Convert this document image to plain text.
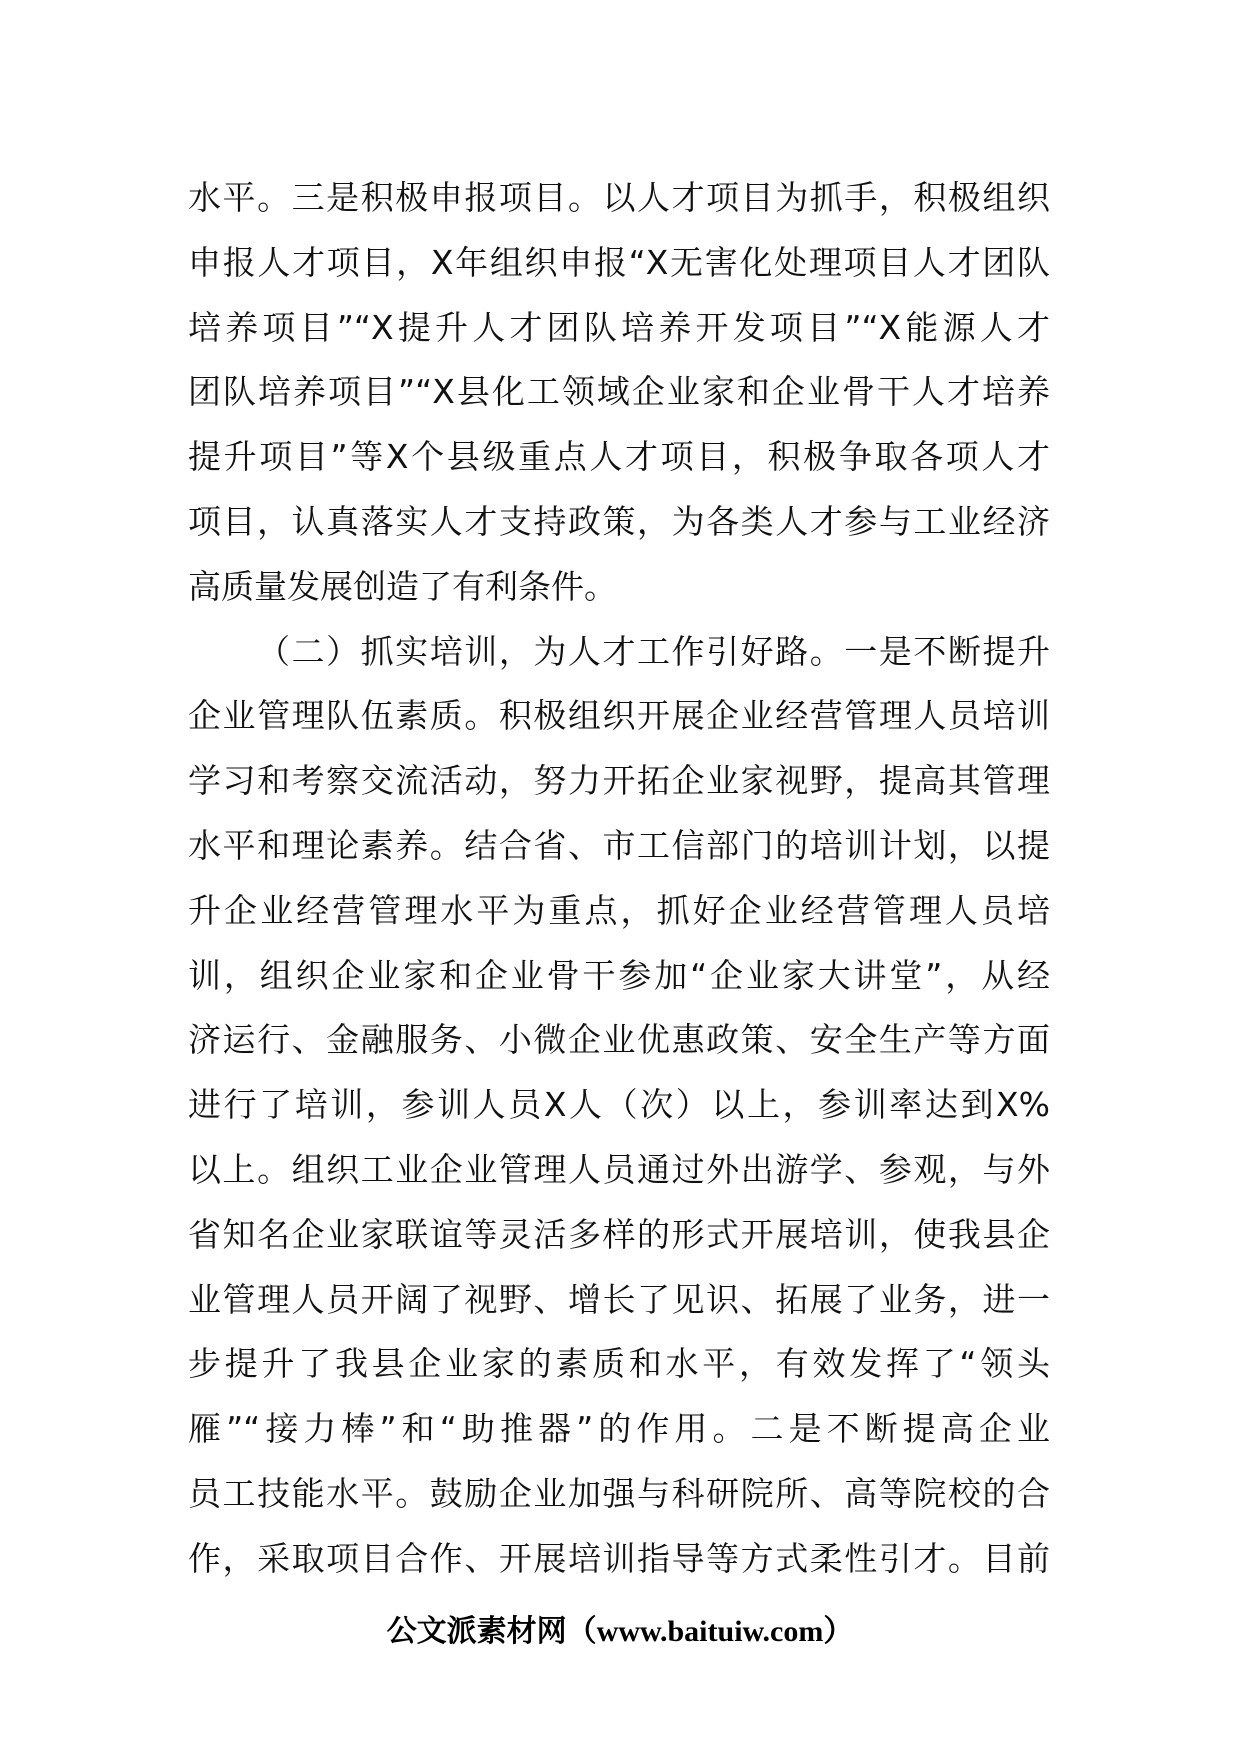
水平。三是积极申报项目。以人才项目为抓手，积极组织
申报人才项目，X年组织申报“X无害化处理项目人才团队
培养项目”“X提升人才团队培养开发项目”“X能源人才
团队培养项目”“X县化工领域企业家和企业骨干人才培养
提升项目”等X个县级重点人才项目，积极争取各项人才
项目，认真落实人才支持政策，为各类人才参与工业经济
高质量发展创造了有利条件。
（二）抓实培训，为人才工作引好路。一是不断提升
企业管理队伍素质。积极组织开展企业经营管理人员培训
学习和考察交流活动，努力开拓企业家视野，提高其管理
水平和理论素养。结合省、市工信部门的培训计划，以提
升企业经营管理水平为重点，抓好企业经营管理人员培
训，组织企业家和企业骨干参加“企业家大讲堂”，从经
济运行、金融服务、小微企业优惠政策、安全生产等方面
进行了培训，参训人员X人（次）以上，参训率达到X%
以上。组织工业企业管理人员通过外出游学、参观，与外
省知名企业家联谊等灵活多样的形式开展培训，使我县企
业管理人员开阔了视野、增长了见识、拓展了业务，进一
步提升了我县企业家的素质和水平，有效发挥了“领头
雁”“接力棒”和“助推器”的作用。二是不断提高企业
员工技能水平。鼓励企业加强与科研院所、高等院校的合
作，采取项目合作、开展培训指导等方式柔性引才。目前
公文派素材网（www.baituiw.com）
